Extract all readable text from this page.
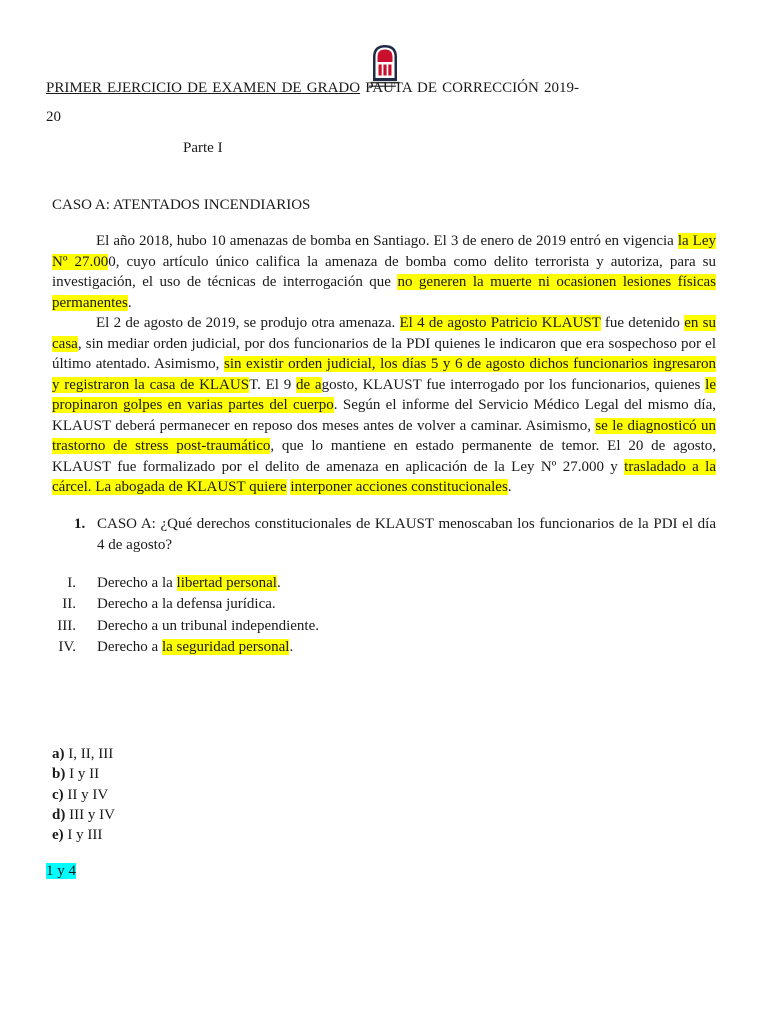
PRIMER EJERCICIO DE EXAMEN DE GRADO PAUTA DE CORRECCIÓN 2019-
20
Parte I
CASO A: ATENTADOS INCENDIARIOS
El año 2018, hubo 10 amenazas de bomba en Santiago. El 3 de enero de 2019 entró en vigencia la Ley
Nº 27.000, cuyo artículo único califica la amenaza de bomba como delito terrorista y autoriza, para su
investigación, el uso de técnicas de interrogación que no generen la muerte ni ocasionen lesiones físicas
permanentes.
El 2 de agosto de 2019, se produjo otra amenaza. El 4 de agosto Patricio KLAUST fue detenido en su
casa, sin mediar orden judicial, por dos funcionarios de la PDI quienes le indicaron que era sospechoso por el
último atentado. Asimismo, sin existir orden judicial, los días 5 y 6 de agosto dichos funcionarios ingresaron
y registraron la casa de KLAUST. El 9 de agosto, KLAUST fue interrogado por los funcionarios, quienes le
propinaron golpes en varias partes del cuerpo. Según el informe del Servicio Médico Legal del mismo día,
KLAUST deberá permanecer en reposo dos meses antes de volver a caminar. Asimismo, se le diagnosticó un
trastorno de stress post-traumático, que lo mantiene en estado permanente de temor. El 20 de agosto,
KLAUST fue formalizado por el delito de amenaza en aplicación de la Ley Nº 27.000 y trasladado a la
cárcel. La abogada de KLAUST quiere interponer acciones constitucionales.
1. CASO A: ¿Qué derechos constitucionales de KLAUST menoscaban los funcionarios de la PDI el día
4 de agosto?
I. Derecho a la libertad personal.
II. Derecho a la defensa jurídica.
III. Derecho a un tribunal independiente.
IV. Derecho a la seguridad personal.
a) I, II, III
b) I y II
c) II y IV
d) III y IV
e) I y III
1 y 4
